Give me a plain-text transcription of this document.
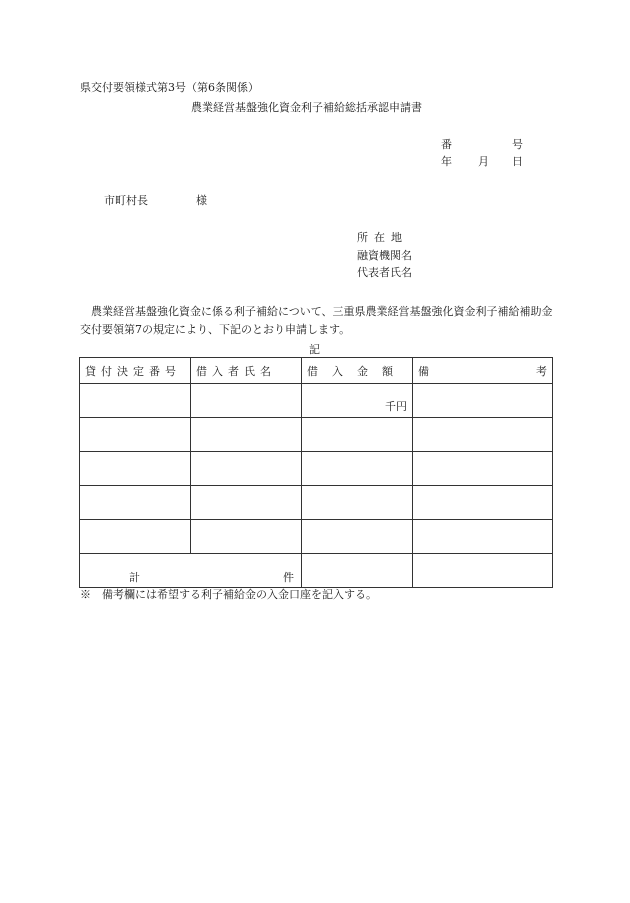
県交付要領様式第3号（第6条関係）
農業経営基盤強化資金利子補給総括承認申請書
番	号
年 月 日
市町村長	様
所在地
融資機関名
代表者氏名
農業経営基盤強化資金に係る利子補給について、三重県農業経営基盤強化資金利子補給補助金交付要領第7の規定により、下記のとおり申請します。
記
貸付決定番号	借入者氏名	借入 金額	備 考

		千円	

計 件			

※　備考欄には希望する利子補給金の入金口座を記入する。
